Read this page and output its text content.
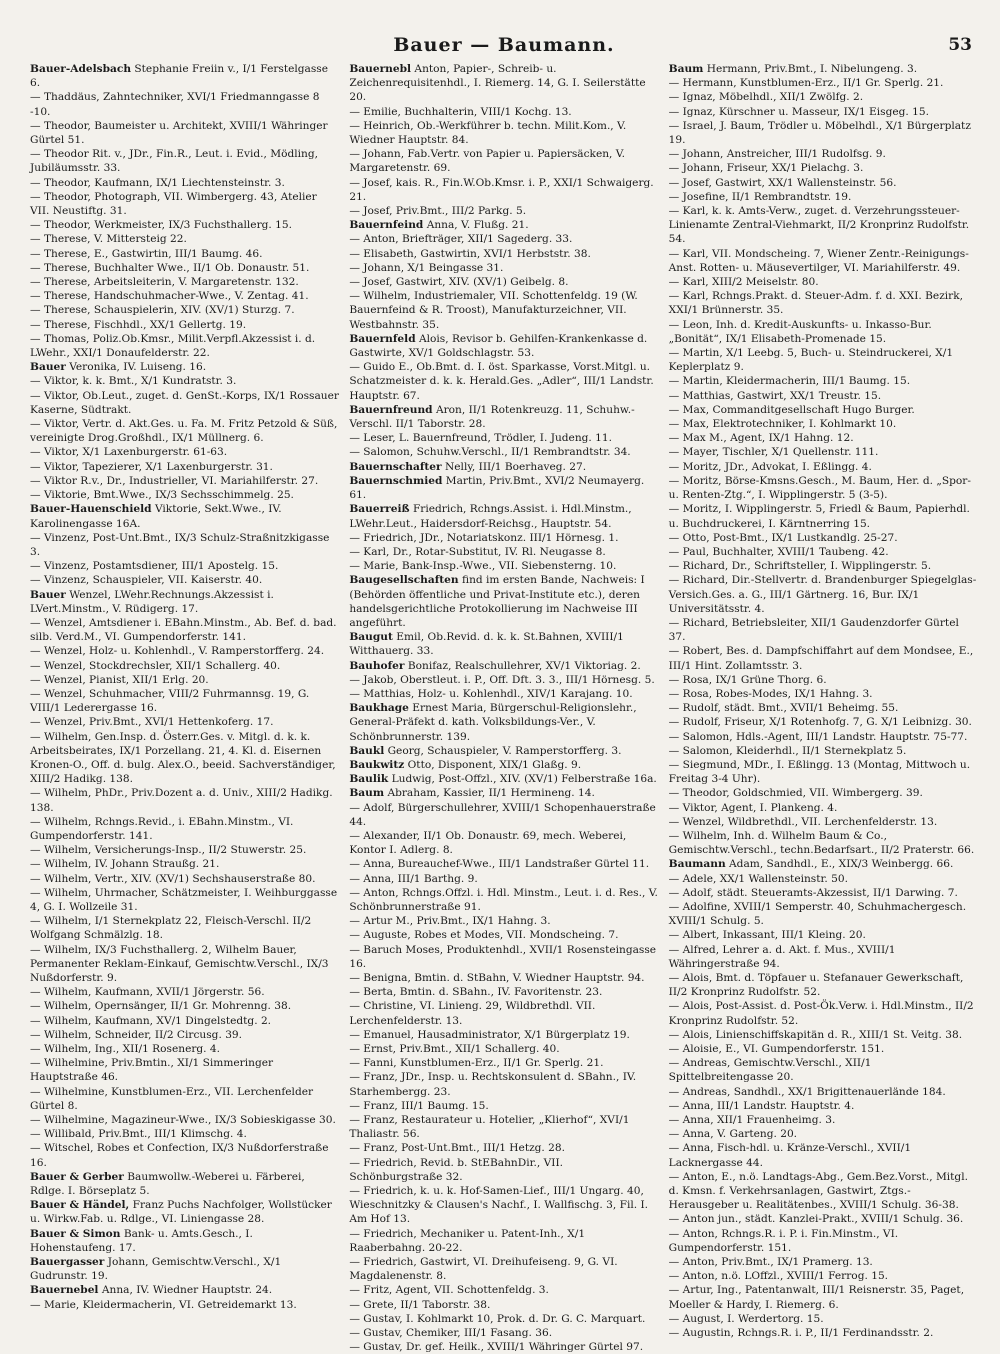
Bauer — Baumann.	53

Bauer-Adelsbach Stephanie Freiin v., I/1 Ferstelgasse 6.

— Thaddäus, Zahntechniker, XVI/1 Friedmanngasse 8 -10.

— Theodor, Baumeister u. Architekt, XVIII/1 Währinger Gürtel 51.

— Theodor Rit. v., JDr., Fin.R., Leut. i. Evid., Mödling, Jubiläumsstr. 33.

— Theodor, Kaufmann, IX/1 Liechtensteinstr. 3.

— Theodor, Photograph, VII. Wimbergerg. 43, Atelier VII. Neustiftg. 31.

— Theodor, Werkmeister, IX/3 Fuchsthallerg. 15.

— Therese, V. Mittersteig 22.

— Therese, E., Gastwirtin, III/1 Baumg. 46.

— Therese, Buchhalter Wwe., II/1 Ob. Donaustr. 51.

— Therese, Arbeitsleiterin, V. Margaretenstr. 132.

— Therese, Handschuhmacher-Wwe., V. Zentag. 41.

— Therese, Schauspielerin, XIV. (XV/1) Sturzg. 7.

— Therese, Fischhdl., XX/1 Gellertg. 19.

— Thomas, Poliz.Ob.Kmsr., Milit.Verpfl.Akzessist i. d. LWehr., XXI/1 Donaufelderstr. 22.

Bauer Veronika, IV. Luiseng. 16.

— Viktor, k. k. Bmt., X/1 Kundratstr. 3.

— Viktor, Ob.Leut., zuget. d. GenSt.-Korps, IX/1 Rossauer Kaserne, Südtrakt.

— Viktor, Vertr. d. Akt.Ges. u. Fa. M. Fritz Petzold & Süß, vereinigte Drog.Großhdl., IX/1 Müllnerg. 6.

— Viktor, X/1 Laxenburgerstr. 61-63.

— Viktor, Tapezierer, X/1 Laxenburgerstr. 31.

— Viktor R.v., Dr., Industrieller, VI. Mariahilferstr. 27.

— Viktorie, Bmt.Wwe., IX/3 Sechsschimmelg. 25.

Bauer-Hauenschield Viktorie, Sekt.Wwe., IV. Karolinengasse 16A.

— Vinzenz, Post-Unt.Bmt., IX/3 Schulz-Straßnitzkigasse 3.

— Vinzenz, Postamtsdiener, III/1 Apostelg. 15.

— Vinzenz, Schauspieler, VII. Kaiserstr. 40.

Bauer Wenzel, LWehr.Rechnungs.Akzessist i. LVert.Minstm., V. Rüdigerg. 17.

— Wenzel, Amtsdiener i. EBahn.Minstm., Ab. Bef. d. bad. silb. Verd.M., VI. Gumpendorferstr. 141.

— Wenzel, Holz- u. Kohlenhdl., V. Ramperstorfferg. 24.

— Wenzel, Stockdrechsler, XII/1 Schallerg. 40.

— Wenzel, Pianist, XII/1 Erlg. 20.

— Wenzel, Schuhmacher, VIII/2 Fuhrmannsg. 19, G. VIII/1 Lederergasse 16.

— Wenzel, Priv.Bmt., XVI/1 Hettenkoferg. 17.

— Wilhelm, Gen.Insp. d. Österr.Ges. v. Mitgl. d. k. k. Arbeitsbeirates, IX/1 Porzellang. 21, 4. Kl. d. Eisernen Kronen-O., Off. d. bulg. Alex.O., beeid. Sachverständiger, XIII/2 Hadikg. 138.

— Wilhelm, PhDr., Priv.Dozent a. d. Univ., XIII/2 Hadikg. 138.

— Wilhelm, Rchngs.Revid., i. EBahn.Minstm., VI. Gumpendorferstr. 141.

— Wilhelm, Versicherungs-Insp., II/2 Stuwerstr. 25.

— Wilhelm, IV. Johann Straußg. 21.

— Wilhelm, Vertr., XIV. (XV/1) Sechshauserstraße 80.

— Wilhelm, Uhrmacher, Schätzmeister, I. Weihburggasse 4, G. I. Wollzeile 31.

— Wilhelm, I/1 Sternekplatz 22, Fleisch-Verschl. II/2 Wolfgang Schmälzlg. 18.

— Wilhelm, IX/3 Fuchsthallerg. 2, Wilhelm Bauer, Permanenter Reklam-Einkauf, Gemischtw.Verschl., IX/3 Nußdorferstr. 9.

— Wilhelm, Kaufmann, XVII/1 Jörgerstr. 56.

— Wilhelm, Opernsänger, II/1 Gr. Mohrenng. 38.

— Wilhelm, Kaufmann, XV/1 Dingelstedtg. 2.

— Wilhelm, Schneider, II/2 Circusg. 39.

— Wilhelm, Ing., XII/1 Rosenerg. 4.

— Wilhelmine, Priv.Bmtin., XI/1 Simmeringer Hauptstraße 46.

— Wilhelmine, Kunstblumen-Erz., VII. Lerchenfelder Gürtel 8.

— Wilhelmine, Magazineur-Wwe., IX/3 Sobieskigasse 30.

— Willibald, Priv.Bmt., III/1 Klimschg. 4.

— Witschel, Robes et Confection, IX/3 Nußdorferstraße 16.

Bauer & Gerber Baumwollw.-Weberei u. Färberei, Rdlge. I. Börseplatz 5.

Bauer & Händel, Franz Puchs Nachfolger, Wollstücker u. Wirkw.Fab. u. Rdlge., VI. Liniengasse 28.

Bauer & Simon Bank- u. Amts.Gesch., I. Hohenstaufeng. 17.

Bauergasser Johann, Gemischtw.Verschl., X/1 Gudrunstr. 19.

Bauernebel Anna, IV. Wiedner Hauptstr. 24.

— Marie, Kleidermacherin, VI. Getreidemarkt 13.

Bauernebl Anton, Papier-, Schreib- u. Zeichenrequisitenhdl., I. Riemerg. 14, G. I. Seilerstätte 20.

— Emilie, Buchhalterin, VIII/1 Kochg. 13.

— Heinrich, Ob.-Werkführer b. techn. Milit.Kom., V. Wiedner Hauptstr. 84.

— Johann, Fab.Vertr. von Papier u. Papiersäcken, V. Margaretenstr. 69.

— Josef, kais. R., Fin.W.Ob.Kmsr. i. P., XXI/1 Schwaigerg. 21.

— Josef, Priv.Bmt., III/2 Parkg. 5.

Bauernfeind Anna, V. Flußg. 21.

— Anton, Briefträger, XII/1 Sagederg. 33.

— Elisabeth, Gastwirtin, XVI/1 Herbststr. 38.

— Johann, X/1 Beingasse 31.

— Josef, Gastwirt, XIV. (XV/1) Geibelg. 8.

— Wilhelm, Industriemaler, VII. Schottenfeldg. 19 (W. Bauernfeind & R. Troost), Manufakturzeichner, VII. Westbahnstr. 35.

Bauernfeld Alois, Revisor b. Gehilfen-Krankenkasse d. Gastwirte, XV/1 Goldschlagstr. 53.

— Guido E., Ob.Bmt. d. I. öst. Sparkasse, Vorst.Mitgl. u. Schatzmeister d. k. k. Herald.Ges. „Adler“, III/1 Landstr. Hauptstr. 67.

Bauernfreund Aron, II/1 Rotenkreuzg. 11, Schuhw.-Verschl. II/1 Taborstr. 28.

— Leser, L. Bauernfreund, Trödler, I. Judeng. 11.

— Salomon, Schuhw.Verschl., II/1 Rembrandtstr. 34.

Bauernschafter Nelly, III/1 Boerhaveg. 27.

Bauernschmied Martin, Priv.Bmt., XVI/2 Neumayerg. 61.

Bauerreiß Friedrich, Rchngs.Assist. i. Hdl.Minstm., LWehr.Leut., Haidersdorf-Reichsg., Hauptstr. 54.

— Friedrich, JDr., Notariatskonz. III/1 Hörnesg. 1.

— Karl, Dr., Rotar-Substitut, IV. Rl. Neugasse 8.

— Marie, Bank-Insp.-Wwe., VII. Siebensterng. 10.

Baugesellschaften find im ersten Bande, Nachweis: I (Behörden öffentliche und Privat-Institute etc.), deren handelsgerichtliche Protokollierung im Nachweise III angeführt.

Baugut Emil, Ob.Revid. d. k. k. St.Bahnen, XVIII/1 Witthauerg. 33.

Bauhofer Bonifaz, Realschullehrer, XV/1 Viktoriag. 2.

— Jakob, Oberstleut. i. P., Off. Dft. 3. 3., III/1 Hörnesg. 5.

— Matthias, Holz- u. Kohlenhdl., XIV/1 Karajang. 10.

Baukhage Ernest Maria, Bürgerschul-Religionslehr., General-Präfekt d. kath. Volksbildungs-Ver., V. Schönbrunnerstr. 139.

Baukl Georg, Schauspieler, V. Ramperstorfferg. 3.

Baukwitz Otto, Disponent, XIX/1 Glaßg. 9.

Baulik Ludwig, Post-Offzl., XIV. (XV/1) Felberstraße 16a.

Baum Abraham, Kassier, II/1 Hermineng. 14.

— Adolf, Bürgerschullehrer, XVIII/1 Schopenhauerstraße 44.

— Alexander, II/1 Ob. Donaustr. 69, mech. Weberei, Kontor I. Adlerg. 8.

— Anna, Bureauchef-Wwe., III/1 Landstraßer Gürtel 11.

— Anna, III/1 Barthg. 9.

— Anton, Rchngs.Offzl. i. Hdl. Minstm., Leut. i. d. Res., V. Schönbrunnerstraße 91.

— Artur M., Priv.Bmt., IX/1 Hahng. 3.

— Auguste, Robes et Modes, VII. Mondscheing. 7.

— Baruch Moses, Produktenhdl., XVII/1 Rosensteingasse 16.

— Benigna, Bmtin. d. StBahn, V. Wiedner Hauptstr. 94.

— Berta, Bmtin. d. SBahn., IV. Favoritenstr. 23.

— Christine, VI. Linieng. 29, Wildbrethdl. VII. Lerchenfelderstr. 13.

— Emanuel, Hausadministrator, X/1 Bürgerplatz 19.

— Ernst, Priv.Bmt., XII/1 Schallerg. 40.

— Fanni, Kunstblumen-Erz., II/1 Gr. Sperlg. 21.

— Franz, JDr., Insp. u. Rechtskonsulent d. SBahn., IV. Starhembergg. 23.

— Franz, III/1 Baumg. 15.

— Franz, Restaurateur u. Hotelier, „Klierhof“, XVI/1 Thaliastr. 56.

— Franz, Post-Unt.Bmt., III/1 Hetzg. 28.

— Friedrich, Revid. b. StEBahnDir., VII. Schönburgstraße 32.

— Friedrich, k. u. k. Hof-Samen-Lief., III/1 Ungarg. 40, Wieschnitzky & Clausen's Nachf., I. Wallfischg. 3, Fil. I. Am Hof 13.

— Friedrich, Mechaniker u. Patent-Inh., X/1 Raaberbahng. 20-22.

— Friedrich, Gastwirt, VI. Dreihufeiseng. 9, G. VI. Magdalenenstr. 8.

— Fritz, Agent, VII. Schottenfeldg. 3.

— Grete, II/1 Taborstr. 38.

— Gustav, I. Kohlmarkt 10, Prok. d. Dr. G. C. Marquart.

— Gustav, Chemiker, III/1 Fasang. 36.

— Gustav, Dr. gef. Heilk., XVIII/1 Währinger Gürtel 97.

Baum Hermann, Priv.Bmt., I. Nibelungeng. 3.

— Hermann, Kunstblumen-Erz., II/1 Gr. Sperlg. 21.

— Ignaz, Möbelhdl., XII/1 Zwölfg. 2.

— Ignaz, Kürschner u. Masseur, IX/1 Eisgeg. 15.

— Israel, J. Baum, Trödler u. Möbelhdl., X/1 Bürgerplatz 19.

— Johann, Anstreicher, III/1 Rudolfsg. 9.

— Johann, Friseur, XX/1 Pielachg. 3.

— Josef, Gastwirt, XX/1 Wallensteinstr. 56.

— Josefine, II/1 Rembrandtstr. 19.

— Karl, k. k. Amts-Verw., zuget. d. Verzehrungssteuer-Linienamte Zentral-Viehmarkt, II/2 Kronprinz Rudolfstr. 54.

— Karl, VII. Mondscheing. 7, Wiener Zentr.-Reinigungs-Anst. Rotten- u. Mäusevertilger, VI. Mariahilferstr. 49.

— Karl, XIII/2 Meiselstr. 80.

— Karl, Rchngs.Prakt. d. Steuer-Adm. f. d. XXI. Bezirk, XXI/1 Brünnerstr. 35.

— Leon, Inh. d. Kredit-Auskunfts- u. Inkasso-Bur. „Bonität“, IX/1 Elisabeth-Promenade 15.

— Martin, X/1 Leebg. 5, Buch- u. Steindruckerei, X/1 Keplerplatz 9.

— Martin, Kleidermacherin, III/1 Baumg. 15.

— Matthias, Gastwirt, XX/1 Treustr. 15.

— Max, Commanditgesellschaft Hugo Burger.

— Max, Elektrotechniker, I. Kohlmarkt 10.

— Max M., Agent, IX/1 Hahng. 12.

— Mayer, Tischler, X/1 Quellenstr. 111.

— Moritz, JDr., Advokat, I. Eßlingg. 4.

— Moritz, Börse-Kmsns.Gesch., M. Baum, Her. d. „Spor- u. Renten-Ztg.“, I. Wipplingerstr. 5 (3-5).

— Moritz, I. Wipplingerstr. 5, Friedl & Baum, Papierhdl. u. Buchdruckerei, I. Kärntnerring 15.

— Otto, Post-Bmt., IX/1 Lustkandlg. 25-27.

— Paul, Buchhalter, XVIII/1 Taubeng. 42.

— Richard, Dr., Schriftsteller, I. Wipplingerstr. 5.

— Richard, Dir.-Stellvertr. d. Brandenburger Spiegelglas-Versich.Ges. a. G., III/1 Gärtnerg. 16, Bur. IX/1 Universitätsstr. 4.

— Richard, Betriebsleiter, XII/1 Gaudenzdorfer Gürtel 37.

— Robert, Bes. d. Dampfschiffahrt auf dem Mondsee, E., III/1 Hint. Zollamtsstr. 3.

— Rosa, IX/1 Grüne Thorg. 6.

— Rosa, Robes-Modes, IX/1 Hahng. 3.

— Rudolf, städt. Bmt., XVII/1 Beheimg. 55.

— Rudolf, Friseur, X/1 Rotenhofg. 7, G. X/1 Leibnizg. 30.

— Salomon, Hdls.-Agent, III/1 Landstr. Hauptstr. 75-77.

— Salomon, Kleiderhdl., II/1 Sternekplatz 5.

— Siegmund, MDr., I. Eßlingg. 13 (Montag, Mittwoch u. Freitag 3-4 Uhr).

— Theodor, Goldschmied, VII. Wimbergerg. 39.

— Viktor, Agent, I. Plankeng. 4.

— Wenzel, Wildbrethdl., VII. Lerchenfelderstr. 13.

— Wilhelm, Inh. d. Wilhelm Baum & Co., Gemischtw.Verschl., techn.Bedarfsart., II/2 Praterstr. 66.

Baumann Adam, Sandhdl., E., XIX/3 Weinbergg. 66.

— Adele, XX/1 Wallensteinstr. 50.

— Adolf, städt. Steueramts-Akzessist, II/1 Darwing. 7.

— Adolfine, XVIII/1 Semperstr. 40, Schuhmachergesch. XVIII/1 Schulg. 5.

— Albert, Inkassant, III/1 Kleing. 20.

— Alfred, Lehrer a. d. Akt. f. Mus., XVIII/1 Währingerstraße 94.

— Alois, Bmt. d. Töpfauer u. Stefanauer Gewerkschaft, II/2 Kronprinz Rudolfstr. 52.

— Alois, Post-Assist. d. Post-Ök.Verw. i. Hdl.Minstm., II/2 Kronprinz Rudolfstr. 52.

— Alois, Linienschiffskapitän d. R., XIII/1 St. Veitg. 38.

— Aloisie, E., VI. Gumpendorferstr. 151.

— Andreas, Gemischtw.Verschl., XII/1 Spittelbreitengasse 20.

— Andreas, Sandhdl., XX/1 Brigittenauerlände 184.

— Anna, III/1 Landstr. Hauptstr. 4.

— Anna, XII/1 Frauenheimg. 3.

— Anna, V. Garteng. 20.

— Anna, Fisch-hdl. u. Kränze-Verschl., XVII/1 Lacknergasse 44.

— Anton, E., n.ö. Landtags-Abg., Gem.Bez.Vorst., Mitgl. d. Kmsn. f. Verkehrsanlagen, Gastwirt, Ztgs.-Herausgeber u. Realitätenbes., XVIII/1 Schulg. 36-38.

— Anton jun., städt. Kanzlei-Prakt., XVIII/1 Schulg. 36.

— Anton, Rchngs.R. i. P. i. Fin.Minstm., VI. Gumpendorferstr. 151.

— Anton, Priv.Bmt., IX/1 Pramerg. 13.

— Anton, n.ö. LOffzl., XVIII/1 Ferrog. 15.

— Artur, Ing., Patentanwalt, III/1 Reisnerstr. 35, Paget, Moeller & Hardy, I. Riemerg. 6.

— August, I. Werdertorg. 15.

— Augustin, Rchngs.R. i. P., II/1 Ferdinandsstr. 2.
